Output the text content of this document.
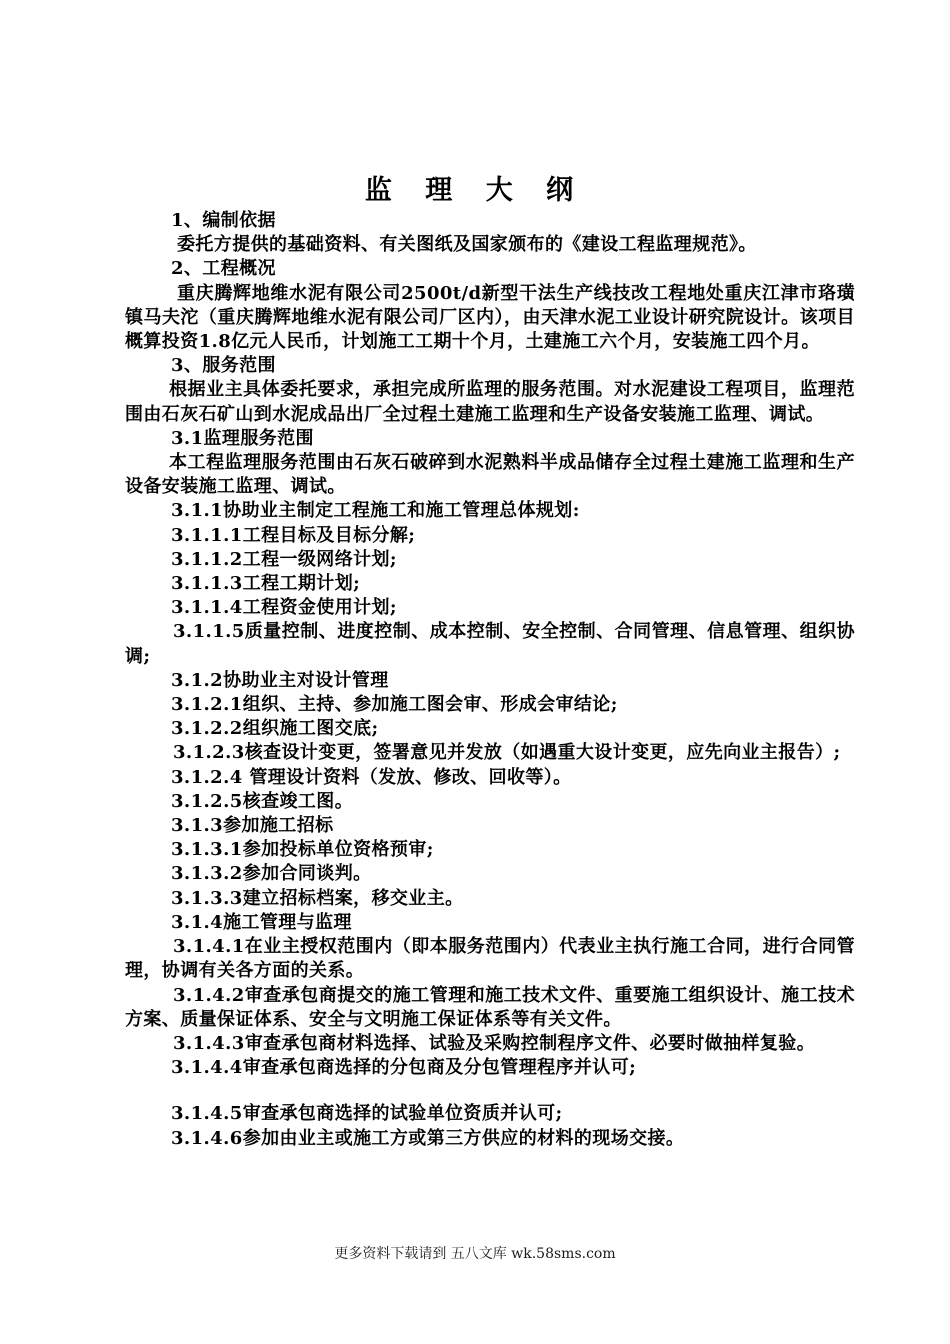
监 理 大 纲

1、编制依据

委托方提供的基础资料、有关图纸及国家颁布的《建设工程监理规范》。

2、工程概况

重庆腾辉地维水泥有限公司2500t/d新型干法生产线技改工程地处重庆江津市珞璜镇马夫沱（重庆腾辉地维水泥有限公司厂区内），由天津水泥工业设计研究院设计。该项目概算投资1.8亿元人民币，计划施工工期十个月，土建施工六个月，安装施工四个月。

3、服务范围

根据业主具体委托要求，承担完成所监理的服务范围。对水泥建设工程项目，监理范围由石灰石矿山到水泥成品出厂全过程土建施工监理和生产设备安装施工监理、调试。

3.1监理服务范围

本工程监理服务范围由石灰石破碎到水泥熟料半成品储存全过程土建施工监理和生产设备安装施工监理、调试。

3.1.1协助业主制定工程施工和施工管理总体规划:

3.1.1.1工程目标及目标分解;

3.1.1.2工程一级网络计划;

3.1.1.3工程工期计划;

3.1.1.4工程资金使用计划;

3.1.1.5质量控制、进度控制、成本控制、安全控制、合同管理、信息管理、组织协调;

3.1.2协助业主对设计管理

3.1.2.1组织、主持、参加施工图会审、形成会审结论;

3.1.2.2组织施工图交底;

3.1.2.3核查设计变更，签署意见并发放（如遇重大设计变更，应先向业主报告）;

3.1.2.4 管理设计资料（发放、修改、回收等）。

3.1.2.5核查竣工图。

3.1.3参加施工招标

3.1.3.1参加投标单位资格预审;

3.1.3.2参加合同谈判。

3.1.3.3建立招标档案，移交业主。

3.1.4施工管理与监理

3.1.4.1在业主授权范围内（即本服务范围内）代表业主执行施工合同，进行合同管理，协调有关各方面的关系。

3.1.4.2审查承包商提交的施工管理和施工技术文件、重要施工组织设计、施工技术方案、质量保证体系、安全与文明施工保证体系等有关文件。

3.1.4.3审查承包商材料选择、试验及采购控制程序文件、必要时做抽样复验。

3.1.4.4审查承包商选择的分包商及分包管理程序并认可;

3.1.4.5审查承包商选择的试验单位资质并认可;

3.1.4.6参加由业主或施工方或第三方供应的材料的现场交接。

更多资料下载请到 五八文库 wk.58sms.com
